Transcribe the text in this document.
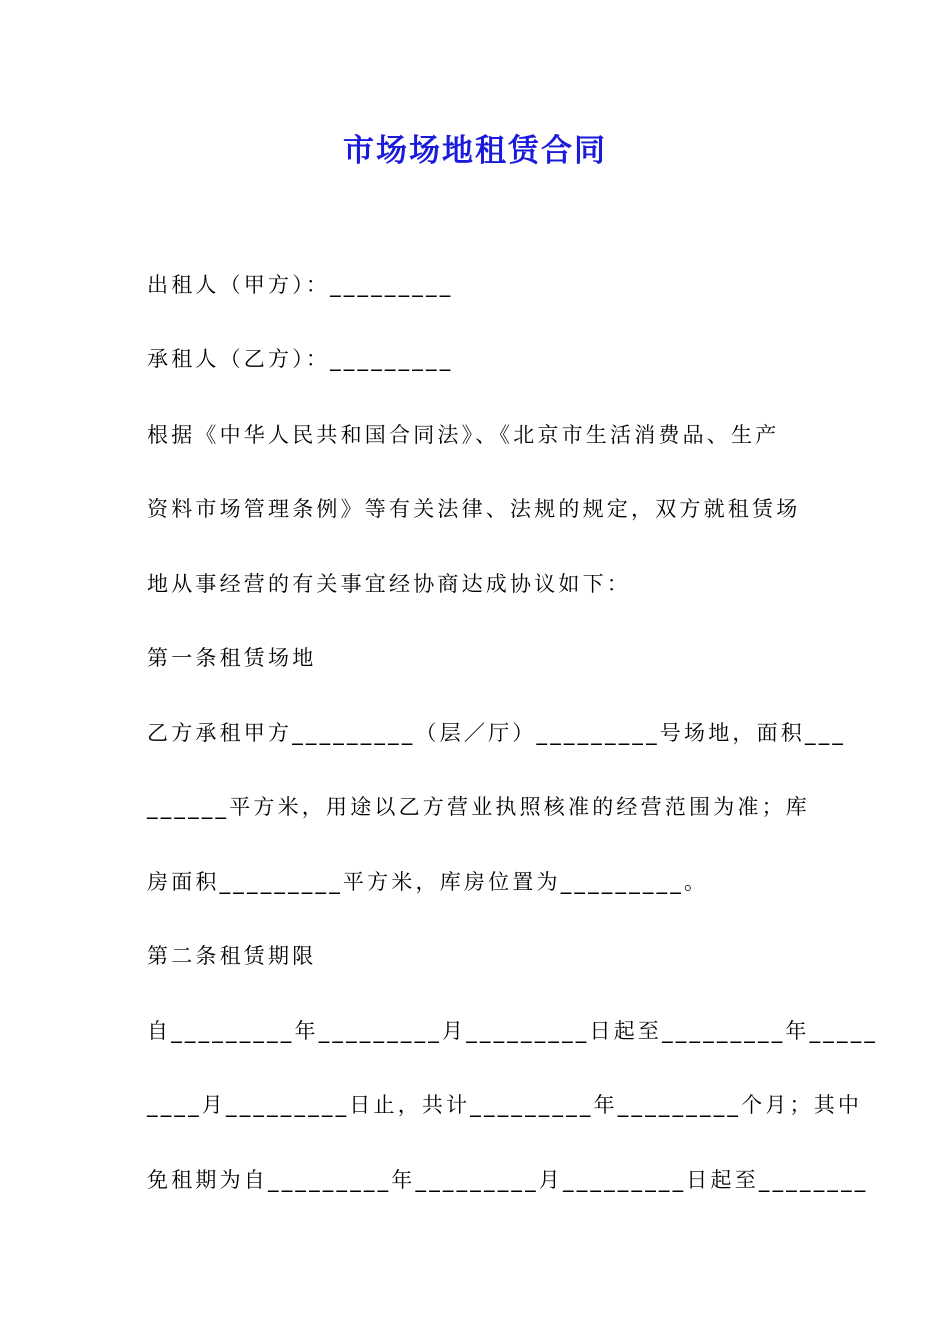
市场场地租赁合同

出租人（甲方）：_________

承租人（乙方）：_________

根据《中华人民共和国合同法》、《北京市生活消费品、生产

资料市场管理条例》等有关法律、法规的规定，双方就租赁场

地从事经营的有关事宜经协商达成协议如下：

第一条租赁场地

乙方承租甲方_________（层／厅）_________号场地，面积___

______平方米，用途以乙方营业执照核准的经营范围为准；库

房面积_________平方米，库房位置为_________。

第二条租赁期限

自_________年_________月_________日起至_________年_____

____月_________日止，共计_________年_________个月；其中

免租期为自_________年_________月_________日起至________
